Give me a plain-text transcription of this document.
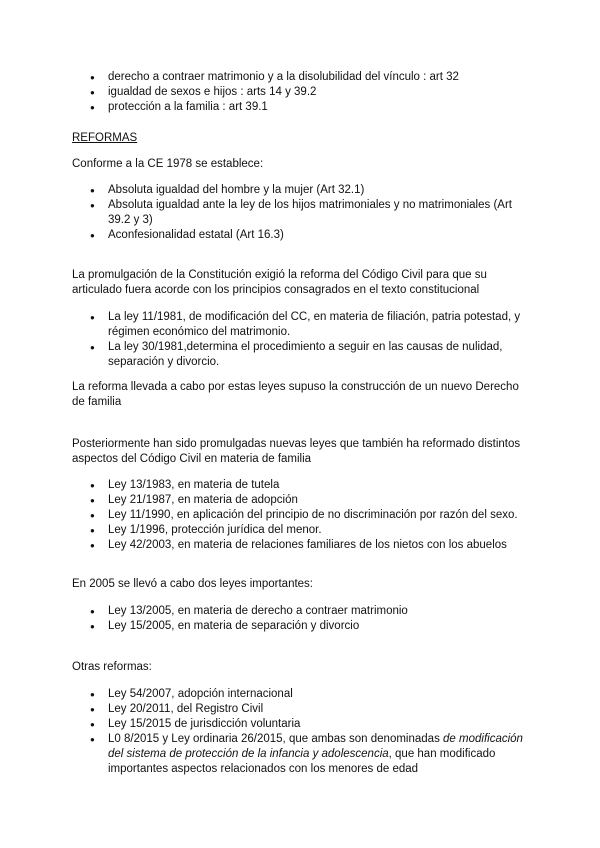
● derecho a contraer matrimonio y a la disolubilidad del vínculo : art 32
● igualdad de sexos e hijos : arts 14 y 39.2
● protección a la familia : art 39.1

REFORMAS

Conforme a la CE 1978 se establece:

● Absoluta igualdad del hombre y la mujer (Art 32.1)
● Absoluta igualdad ante la ley de los hijos matrimoniales y no matrimoniales (Art 39.2 y 3)
● Aconfesionalidad estatal (Art 16.3)

La promulgación de la Constitución exigió la reforma del Código Civil para que su articulado fuera acorde con los principios consagrados en el texto constitucional

● La ley 11/1981, de modificación del CC, en materia de filiación, patria potestad, y régimen económico del matrimonio.
● La ley 30/1981,determina el procedimiento a seguir en las causas de nulidad, separación y divorcio.

La reforma llevada a cabo por estas leyes supuso la construcción de un nuevo Derecho de familia

Posteriormente han sido promulgadas nuevas leyes que también ha reformado distintos aspectos del Código Civil en materia de familia

● Ley 13/1983, en materia de tutela
● Ley 21/1987, en materia de adopción
● Ley 11/1990, en aplicación del principio de no discriminación por razón del sexo.
● Ley 1/1996, protección jurídica del menor.
● Ley 42/2003, en materia de relaciones familiares de los nietos con los abuelos

En 2005 se llevó a cabo dos leyes importantes:

● Ley 13/2005, en materia de derecho a contraer matrimonio
● Ley 15/2005, en materia de separación y divorcio

Otras reformas:

● Ley 54/2007, adopción internacional
● Ley 20/2011, del Registro Civil
● Ley 15/2015 de jurisdicción voluntaria
● L0 8/2015 y Ley ordinaria 26/2015, que ambas son denominadas de modificación del sistema de protección de la infancia y adolescencia, que han modificado importantes aspectos relacionados con los menores de edad
